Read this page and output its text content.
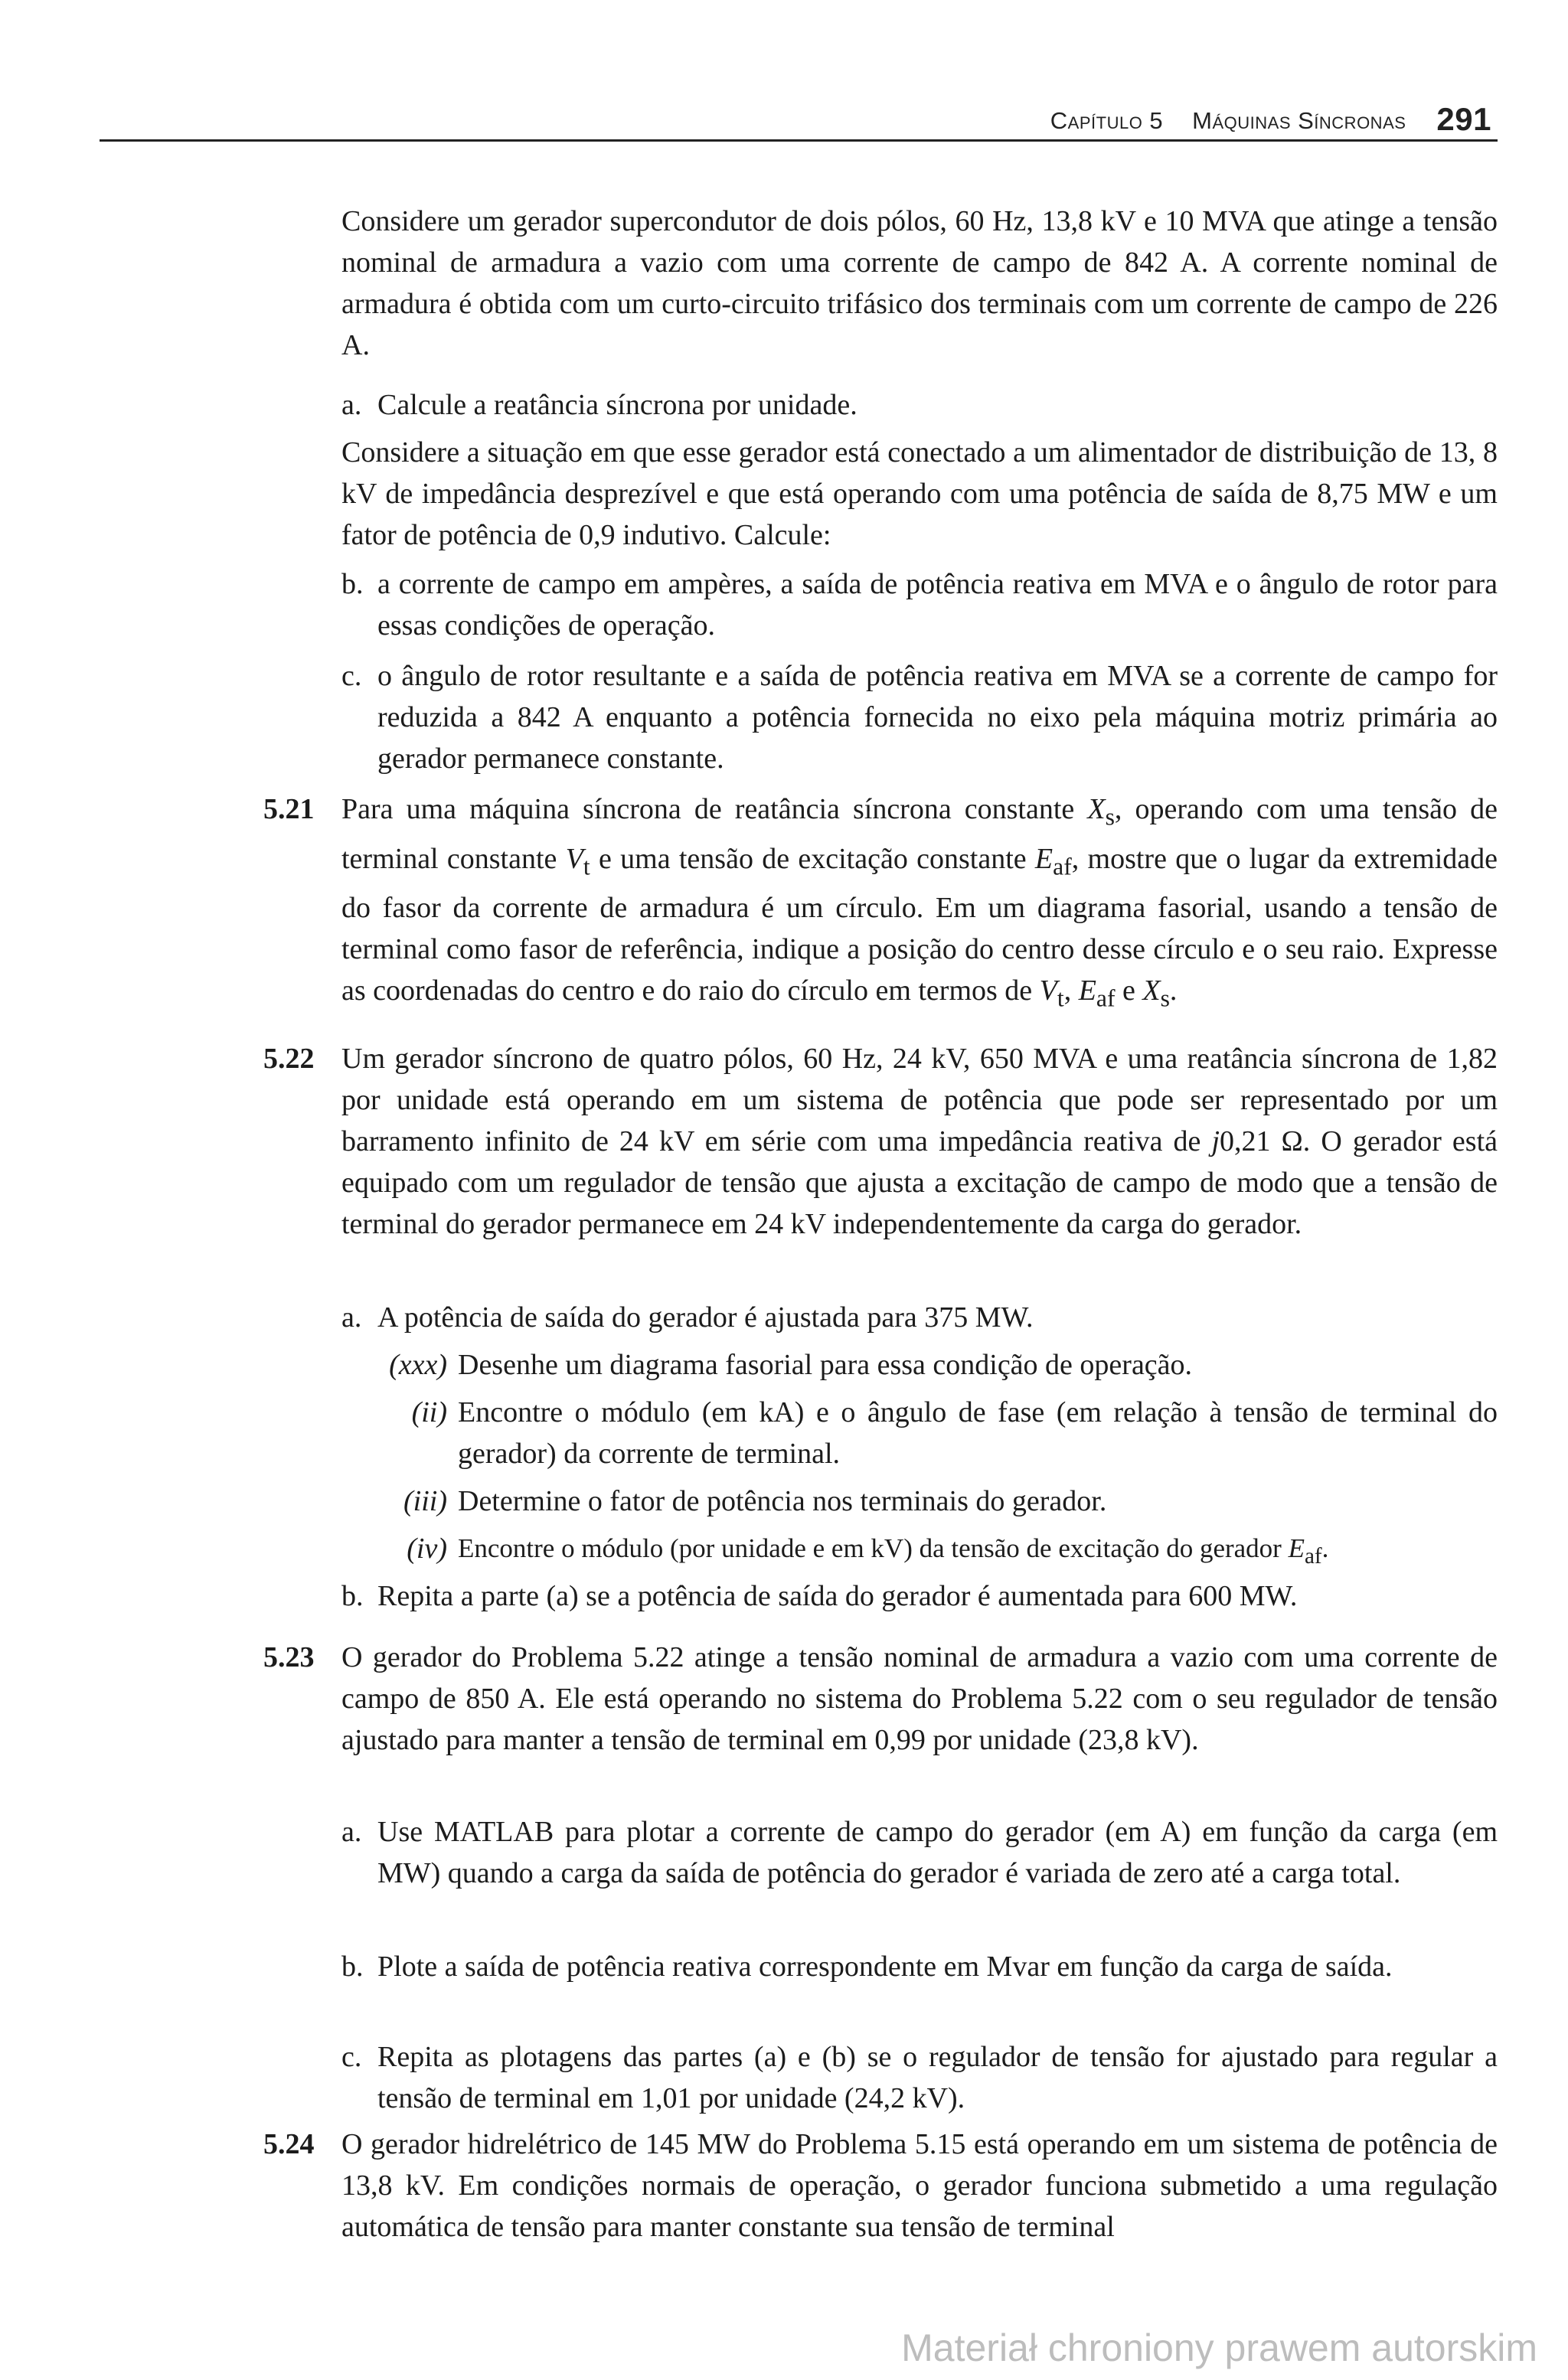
Capítulo 5 Máquinas Síncronas 291

Considere um gerador supercondutor de dois pólos, 60 Hz, 13,8 kV e 10 MVA que atinge a tensão nominal de armadura a vazio com uma corrente de campo de 842 A. A corrente nominal de armadura é obtida com um curto-circuito trifásico dos terminais com um corrente de campo de 226 A.

a. Calcule a reatância síncrona por unidade.

Considere a situação em que esse gerador está conectado a um alimentador de distribuição de 13, 8 kV de impedância desprezível e que está operando com uma potência de saída de 8,75 MW e um fator de potência de 0,9 indutivo. Calcule:

b. a corrente de campo em ampères, a saída de potência reativa em MVA e o ângulo de rotor para essas condições de operação.

c. o ângulo de rotor resultante e a saída de potência reativa em MVA se a corrente de campo for reduzida a 842 A enquanto a potência fornecida no eixo pela máquina motriz primária ao gerador permanece constante.

5.21 Para uma máquina síncrona de reatância síncrona constante $X_s$, operando com uma tensão de terminal constante $V_t$ e uma tensão de excitação constante $E_{af}$, mostre que o lugar da extremidade do fasor da corrente de armadura é um círculo. Em um diagrama fasorial, usando a tensão de terminal como fasor de referência, indique a posição do centro desse círculo e o seu raio. Expresse as coordenadas do centro e do raio do círculo em termos de $V_t$, $E_{af}$ e $X_s$.

5.22 Um gerador síncrono de quatro pólos, 60 Hz, 24 kV, 650 MVA e uma reatância síncrona de 1,82 por unidade está operando em um sistema de potência que pode ser representado por um barramento infinito de 24 kV em série com uma impedância reativa de j0,21 Ω. O gerador está equipado com um regulador de tensão que ajusta a excitação de campo de modo que a tensão de terminal do gerador permanece em 24 kV independentemente da carga do gerador.

a. A potência de saída do gerador é ajustada para 375 MW.

(xxx) Desenhe um diagrama fasorial para essa condição de operação.

(ii) Encontre o módulo (em kA) e o ângulo de fase (em relação à tensão de terminal do gerador) da corrente de terminal.

(iii) Determine o fator de potência nos terminais do gerador.

(iv) Encontre o módulo (por unidade e em kV) da tensão de excitação do gerador $E_{af}$.

b. Repita a parte (a) se a potência de saída do gerador é aumentada para 600 MW.

5.23 O gerador do Problema 5.22 atinge a tensão nominal de armadura a vazio com uma corrente de campo de 850 A. Ele está operando no sistema do Problema 5.22 com o seu regulador de tensão ajustado para manter a tensão de terminal em 0,99 por unidade (23,8 kV).

a. Use MATLAB para plotar a corrente de campo do gerador (em A) em função da carga (em MW) quando a carga da saída de potência do gerador é variada de zero até a carga total.

b. Plote a saída de potência reativa correspondente em Mvar em função da carga de saída.

c. Repita as plotagens das partes (a) e (b) se o regulador de tensão for ajustado para regular a tensão de terminal em 1,01 por unidade (24,2 kV).

5.24 O gerador hidrelétrico de 145 MW do Problema 5.15 está operando em um sistema de potência de 13,8 kV. Em condições normais de operação, o gerador funciona submetido a uma regulação automática de tensão para manter constante sua tensão de terminal

Materiał chroniony prawem autorskim
